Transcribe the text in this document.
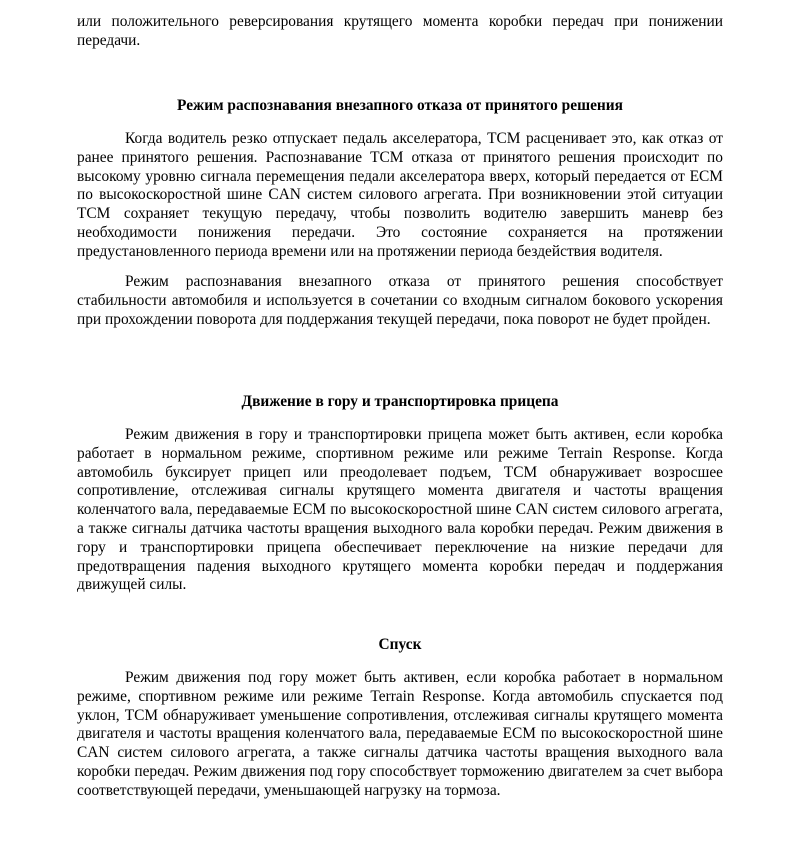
или положительного реверсирования крутящего момента коробки передач при понижении передачи.

Режим распознавания внезапного отказа от принятого решения

Когда водитель резко отпускает педаль акселератора, TCM расценивает это, как отказ от ранее принятого решения. Распознавание TCM отказа от принятого решения происходит по высокому уровню сигнала перемещения педали акселератора вверх, который передается от ECM по высокоскоростной шине CAN систем силового агрегата. При возникновении этой ситуации TCM сохраняет текущую передачу, чтобы позволить водителю завершить маневр без необходимости понижения передачи. Это состояние сохраняется на протяжении предустановленного периода времени или на протяжении периода бездействия водителя.

Режим распознавания внезапного отказа от принятого решения способствует стабильности автомобиля и используется в сочетании со входным сигналом бокового ускорения при прохождении поворота для поддержания текущей передачи, пока поворот не будет пройден.

Движение в гору и транспортировка прицепа

Режим движения в гору и транспортировки прицепа может быть активен, если коробка работает в нормальном режиме, спортивном режиме или режиме Terrain Response. Когда автомобиль буксирует прицеп или преодолевает подъем, TCM обнаруживает возросшее сопротивление, отслеживая сигналы крутящего момента двигателя и частоты вращения коленчатого вала, передаваемые ECM по высокоскоростной шине CAN систем силового агрегата, а также сигналы датчика частоты вращения выходного вала коробки передач. Режим движения в гору и транспортировки прицепа обеспечивает переключение на низкие передачи для предотвращения падения выходного крутящего момента коробки передач и поддержания движущей силы.

Спуск

Режим движения под гору может быть активен, если коробка работает в нормальном режиме, спортивном режиме или режиме Terrain Response. Когда автомобиль спускается под уклон, TCM обнаруживает уменьшение сопротивления, отслеживая сигналы крутящего момента двигателя и частоты вращения коленчатого вала, передаваемые ECM по высокоскоростной шине CAN систем силового агрегата, а также сигналы датчика частоты вращения выходного вала коробки передач. Режим движения под гору способствует торможению двигателем за счет выбора соответствующей передачи, уменьшающей нагрузку на тормоза.
